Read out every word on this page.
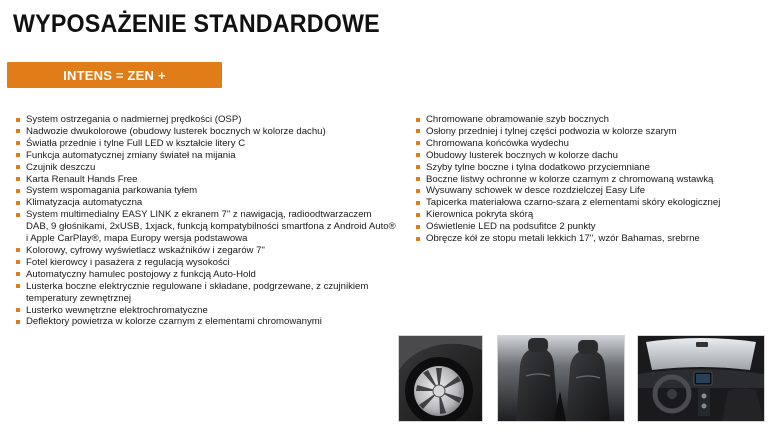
WYPOSAŻENIE STANDARDOWE
INTENS = ZEN +
System ostrzegania o nadmiernej prędkości (OSP)
Nadwozie dwukolorowe (obudowy lusterek bocznych w kolorze dachu)
Światła przednie i tylne Full LED w kształcie litery C
Funkcja automatycznej zmiany świateł na mijania
Czujnik deszczu
Karta Renault Hands Free
System wspomagania parkowania tyłem
Klimatyzacja automatyczna
System multimedialny EASY LINK z ekranem 7" z nawigacją, radioodtwarzaczem DAB, 9 głośnikami, 2xUSB, 1xjack, funkcją kompatybilności smartfona z Android Auto® i Apple CarPlay®, mapa Europy wersja podstawowa
Kolorowy, cyfrowy wyświetlacz wskaźników i zegarów 7"
Fotel kierowcy i pasażera z regulacją wysokości
Automatyczny hamulec postojowy z funkcją Auto-Hold
Lusterka boczne elektrycznie regulowane i składane, podgrzewane, z czujnikiem temperatury zewnętrznej
Lusterko wewnętrzne elektrochromatyczne
Deflektory powietrza w kolorze czarnym z elementami chromowanymi
Chromowane obramowanie szyb bocznych
Osłony przedniej i tylnej części podwozia w kolorze szarym
Chromowana końcówka wydechu
Obudowy lusterek bocznych w kolorze dachu
Szyby tylne boczne i tylna dodatkowo przyciemniane
Boczne listwy ochronne w kolorze czarnym z chromowaną wstawką
Wysuwany schowek w desce rozdzielczej Easy Life
Tapicerka materiałowa czarno-szara z elementami skóry ekologicznej
Kierownica pokryta skórą
Oświetlenie LED na podsufitce 2 punkty
Obręcze kół ze stopu metali lekkich 17", wzór Bahamas, srebrne
